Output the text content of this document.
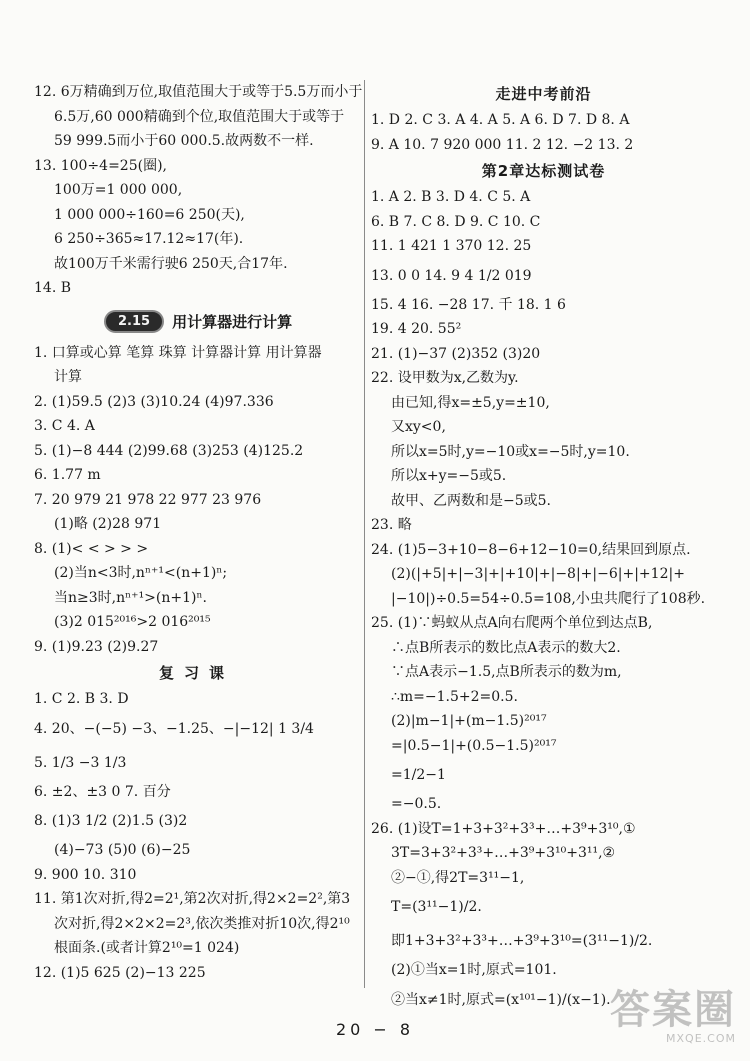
12. 6万精确到万位,取值范围大于或等于5.5万而小于
6.5万,60 000精确到个位,取值范围大于或等于
59 999.5而小于60 000.5.故两数不一样.
13. 100÷4=25(圈),
100万=1 000 000,
1 000 000÷160=6 250(天),
6 250÷365≈17.12≈17(年).
故100万千米需行驶6 250天,合17年.
14. B
2.15	用计算器进行计算
1. 口算或心算 笔算 珠算 计算器计算 用计算器
计算
2. (1)59.5 (2)3 (3)10.24 (4)97.336
3. C 4. A
5. (1)−8 444 (2)99.68 (3)253 (4)125.2
6. 1.77 m
7. 20 979 21 978 22 977 23 976
(1)略 (2)28 971
8. (1)< < > > >
(2)当n<3时,nⁿ⁺¹<(n+1)ⁿ;
当n≥3时,nⁿ⁺¹>(n+1)ⁿ.
(3)2 015²⁰¹⁶>2 016²⁰¹⁵
9. (1)9.23 (2)9.27
复习课
1. C 2. B 3. D
4. 20、−(−5) −3、−1.25、−|−12| 1 3/4
5. 1/3 −3 1/3
6. ±2、±3 0 7. 百分
8. (1)3 1/2 (2)1.5 (3)2
(4)−73 (5)0 (6)−25
9. 900 10. 310
11. 第1次对折,得2=2¹,第2次对折,得2×2=2²,第3
次对折,得2×2×2=2³,依次类推对折10次,得2¹⁰
根面条.(或者计算2¹⁰=1 024)
12. (1)5 625 (2)−13 225
走进中考前沿
1. D 2. C 3. A 4. A 5. A 6. D 7. D 8. A
9. A 10. 7 920 000 11. 2 12. −2 13. 2
第2章达标测试卷
1. A 2. B 3. D 4. C 5. A
6. B 7. C 8. D 9. C 10. C
11. 1 421 1 370 12. 25
13. 0 0 14. 9 4 1/2 019
15. 4 16. −28 17. 千 18. 1 6
19. 4 20. 55²
21. (1)−37 (2)352 (3)20
22. 设甲数为x,乙数为y.
由已知,得x=±5,y=±10,
又xy<0,
所以x=5时,y=−10或x=−5时,y=10.
所以x+y=−5或5.
故甲、乙两数和是−5或5.
23. 略
24. (1)5−3+10−8−6+12−10=0,结果回到原点.
(2)(|+5|+|−3|+|+10|+|−8|+|−6|+|+12|+
|−10|)÷0.5=54÷0.5=108,小虫共爬行了108秒.
25. (1)∵蚂蚁从点A向右爬两个单位到达点B,
∴点B所表示的数比点A表示的数大2.
∵点A表示−1.5,点B所表示的数为m,
∴m=−1.5+2=0.5.
(2)|m−1|+(m−1.5)²⁰¹⁷
=|0.5−1|+(0.5−1.5)²⁰¹⁷
=1/2−1
=−0.5.
26. (1)设T=1+3+3²+3³+…+3⁹+3¹⁰,①
3T=3+3²+3³+…+3⁹+3¹⁰+3¹¹,②
②−①,得2T=3¹¹−1,
T=(3¹¹−1)/2.
即1+3+3²+3³+…+3⁹+3¹⁰=(3¹¹−1)/2.
(2)①当x=1时,原式=101.
②当x≠1时,原式=(x¹⁰¹−1)/(x−1).
20 − 8	答案圈
MXQE.COM
